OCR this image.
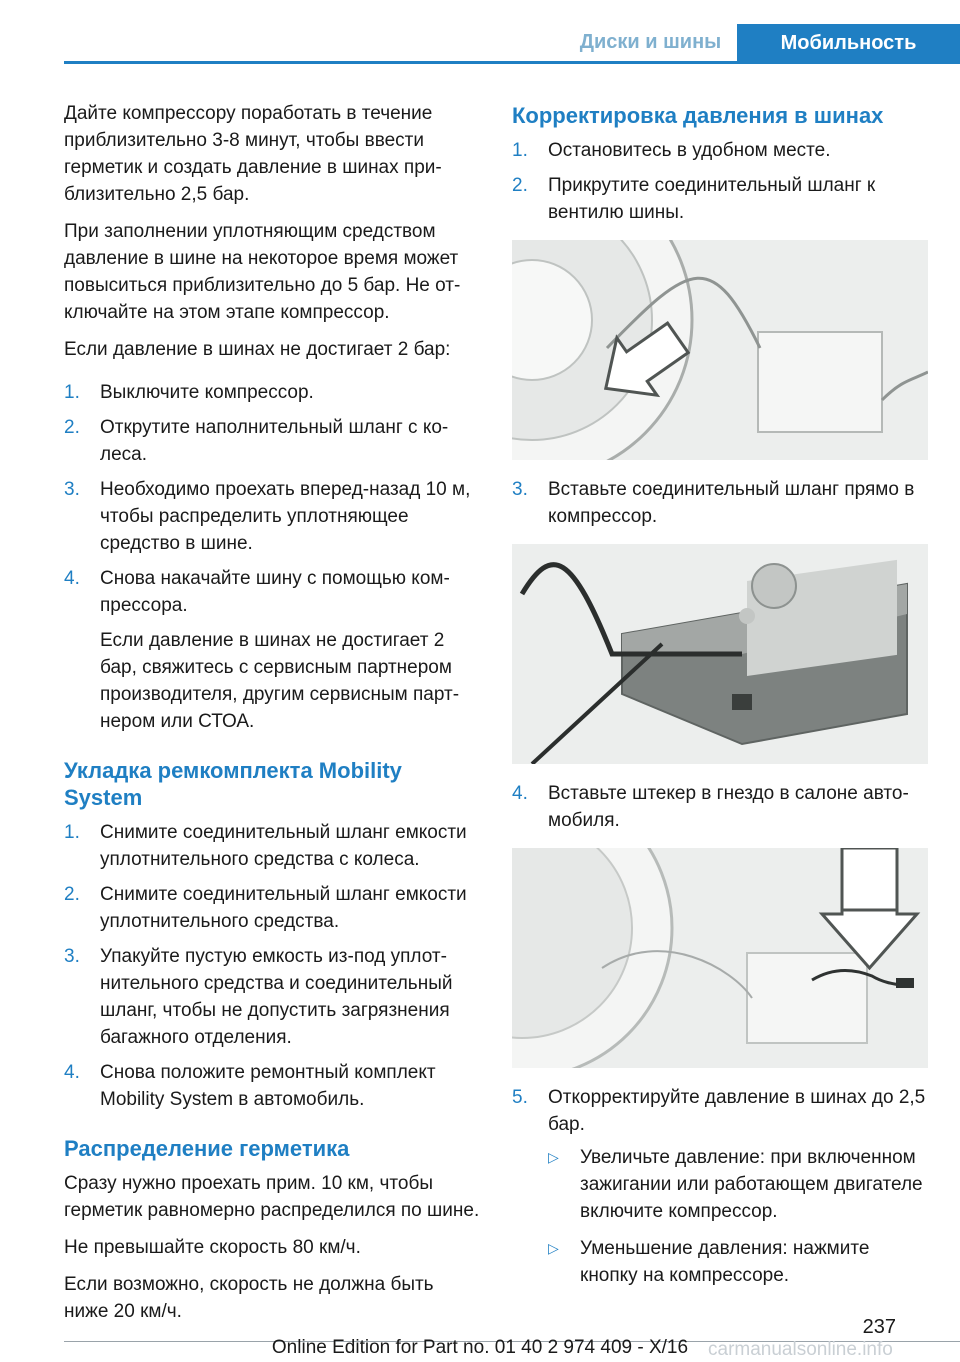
Диски и шины	Мобильность

Дайте компрессору поработать в течение приблизительно 3-8 минут, чтобы ввести герметик и создать давление в шинах приблизительно 2,5 бар.

При заполнении уплотняющим средством давление в шине на некоторое время может повыситься приблизительно до 5 бар. Не отключайте на этом этапе компрессор.

Если давление в шинах не достигает 2 бар:

1. Выключите компрессор.
2. Открутите наполнительный шланг с колеса.
3. Необходимо проехать вперед-назад 10 м, чтобы распределить уплотняющее средство в шине.
4. Снова накачайте шину с помощью компрессора.
Если давление в шинах не достигает 2 бар, свяжитесь с сервисным партнером производителя, другим сервисным партнером или СТОА.
Укладка ремкомплекта Mobility System
1. Снимите соединительный шланг емкости уплотнительного средства с колеса.
2. Снимите соединительный шланг емкости уплотнительного средства.
3. Упакуйте пустую емкость из-под уплотнительного средства и соединительный шланг, чтобы не допустить загрязнения багажного отделения.
4. Снова положите ремонтный комплект Mobility System в автомобиль.
Распределение герметика

Сразу нужно проехать прим. 10 км, чтобы герметик равномерно распределился по шине.

Не превышайте скорость 80 км/ч.

Если возможно, скорость не должна быть ниже 20 км/ч.

Корректировка давления в шинах
1. Остановитесь в удобном месте.
2. Прикрутите соединительный шланг к вентилю шины.
3. Вставьте соединительный шланг прямо в компрессор.
4. Вставьте штекер в гнездо в салоне автомобиля.
5. Откорректируйте давление в шинах до 2,5 бар.
▷ Увеличьте давление: при включенном зажигании или работающем двигателе включите компрессор.
▷ Уменьшение давления: нажмите кнопку на компрессоре.
237
carmanualsonline.info
Online Edition for Part no. 01 40 2 974 409 - X/16
